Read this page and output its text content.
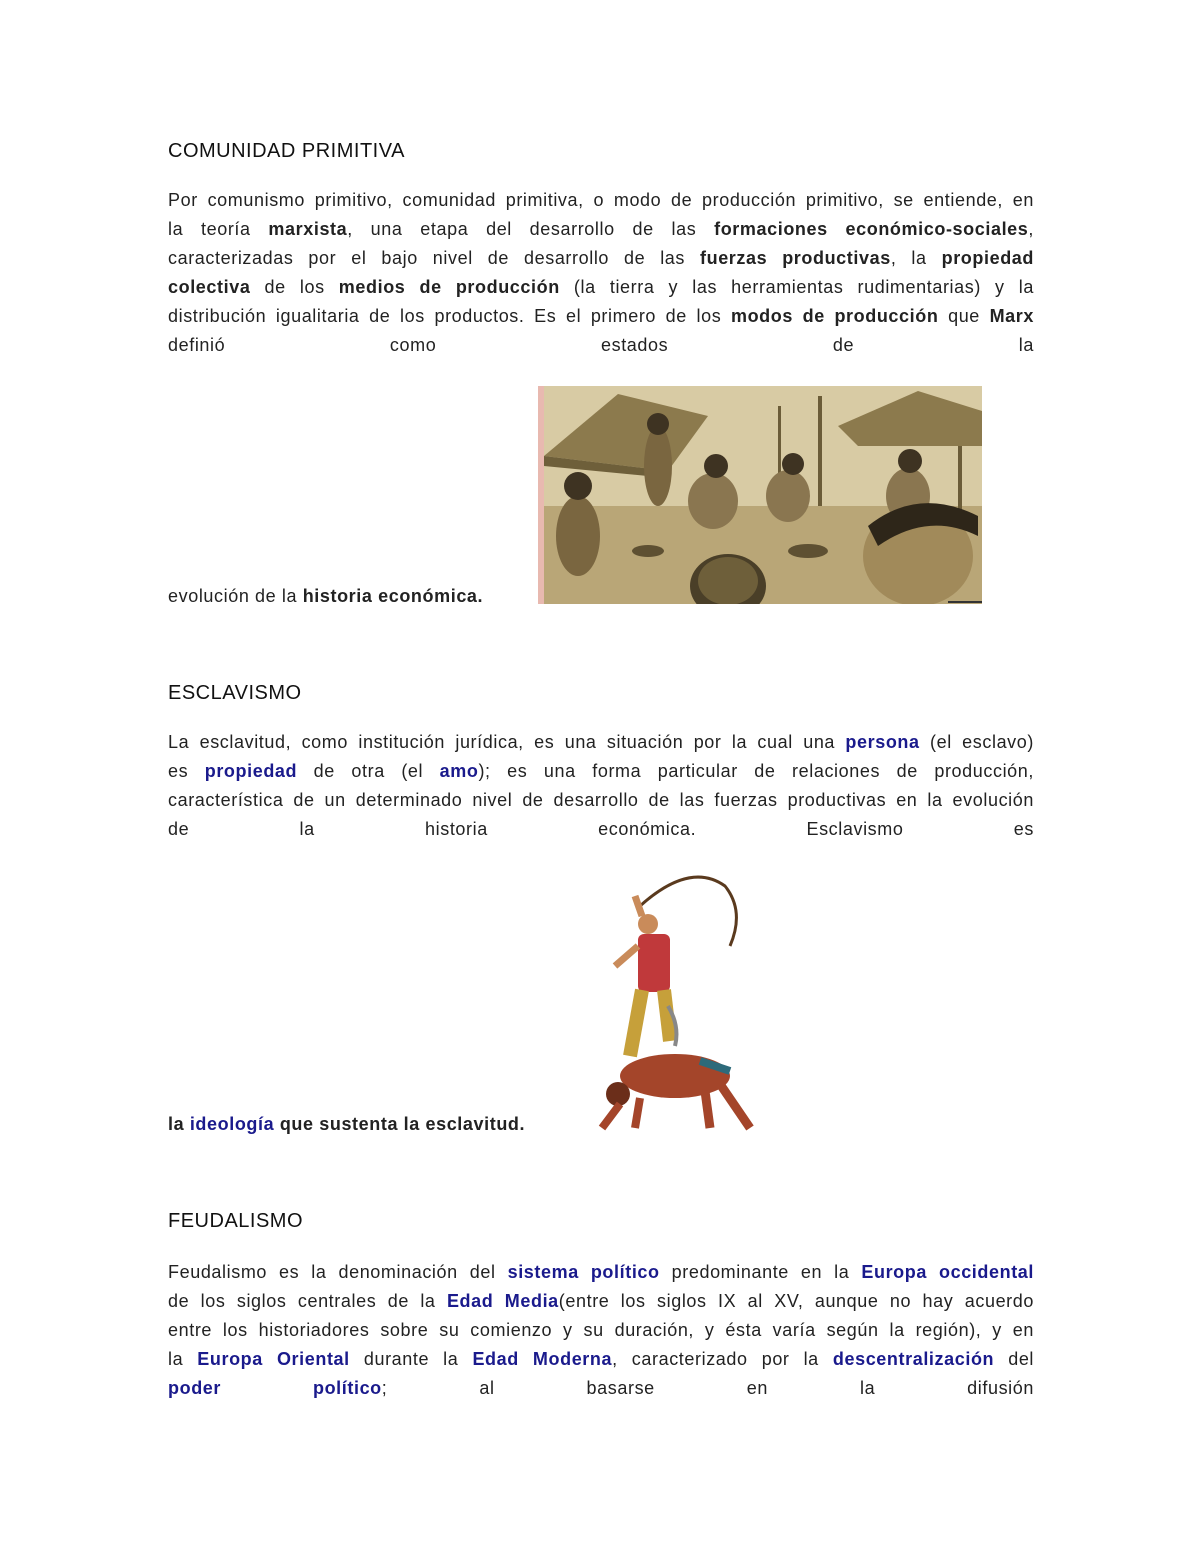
COMUNIDAD PRIMITIVA

Por comunismo primitivo, comunidad primitiva, o modo de producción primitivo, se entiende, en la teoría marxista, una etapa del desarrollo de las formaciones económico-sociales, caracterizadas por el bajo nivel de desarrollo de las fuerzas productivas, la propiedad colectiva de los medios de producción (la tierra y las herramientas rudimentarias) y la distribución igualitaria de los productos. Es el primero de los modos de producción que Marx definió como estados de la

evolución de la historia económica.

ESCLAVISMO

La esclavitud, como institución jurídica, es una situación por la cual una persona (el esclavo) es propiedad de otra (el amo); es una forma particular de relaciones de producción, característica de un determinado nivel de desarrollo de las fuerzas productivas en la evolución de la historia económica. Esclavismo es

la ideología que sustenta la esclavitud.

FEUDALISMO

Feudalismo es la denominación del sistema político predominante en la Europa occidental de los siglos centrales de la Edad Media(entre los siglos IX al XV, aunque no hay acuerdo entre los historiadores sobre su comienzo y su duración, y ésta varía según la región), y en la Europa Oriental durante la Edad Moderna, caracterizado por la descentralización del poder político; al basarse en la difusión
